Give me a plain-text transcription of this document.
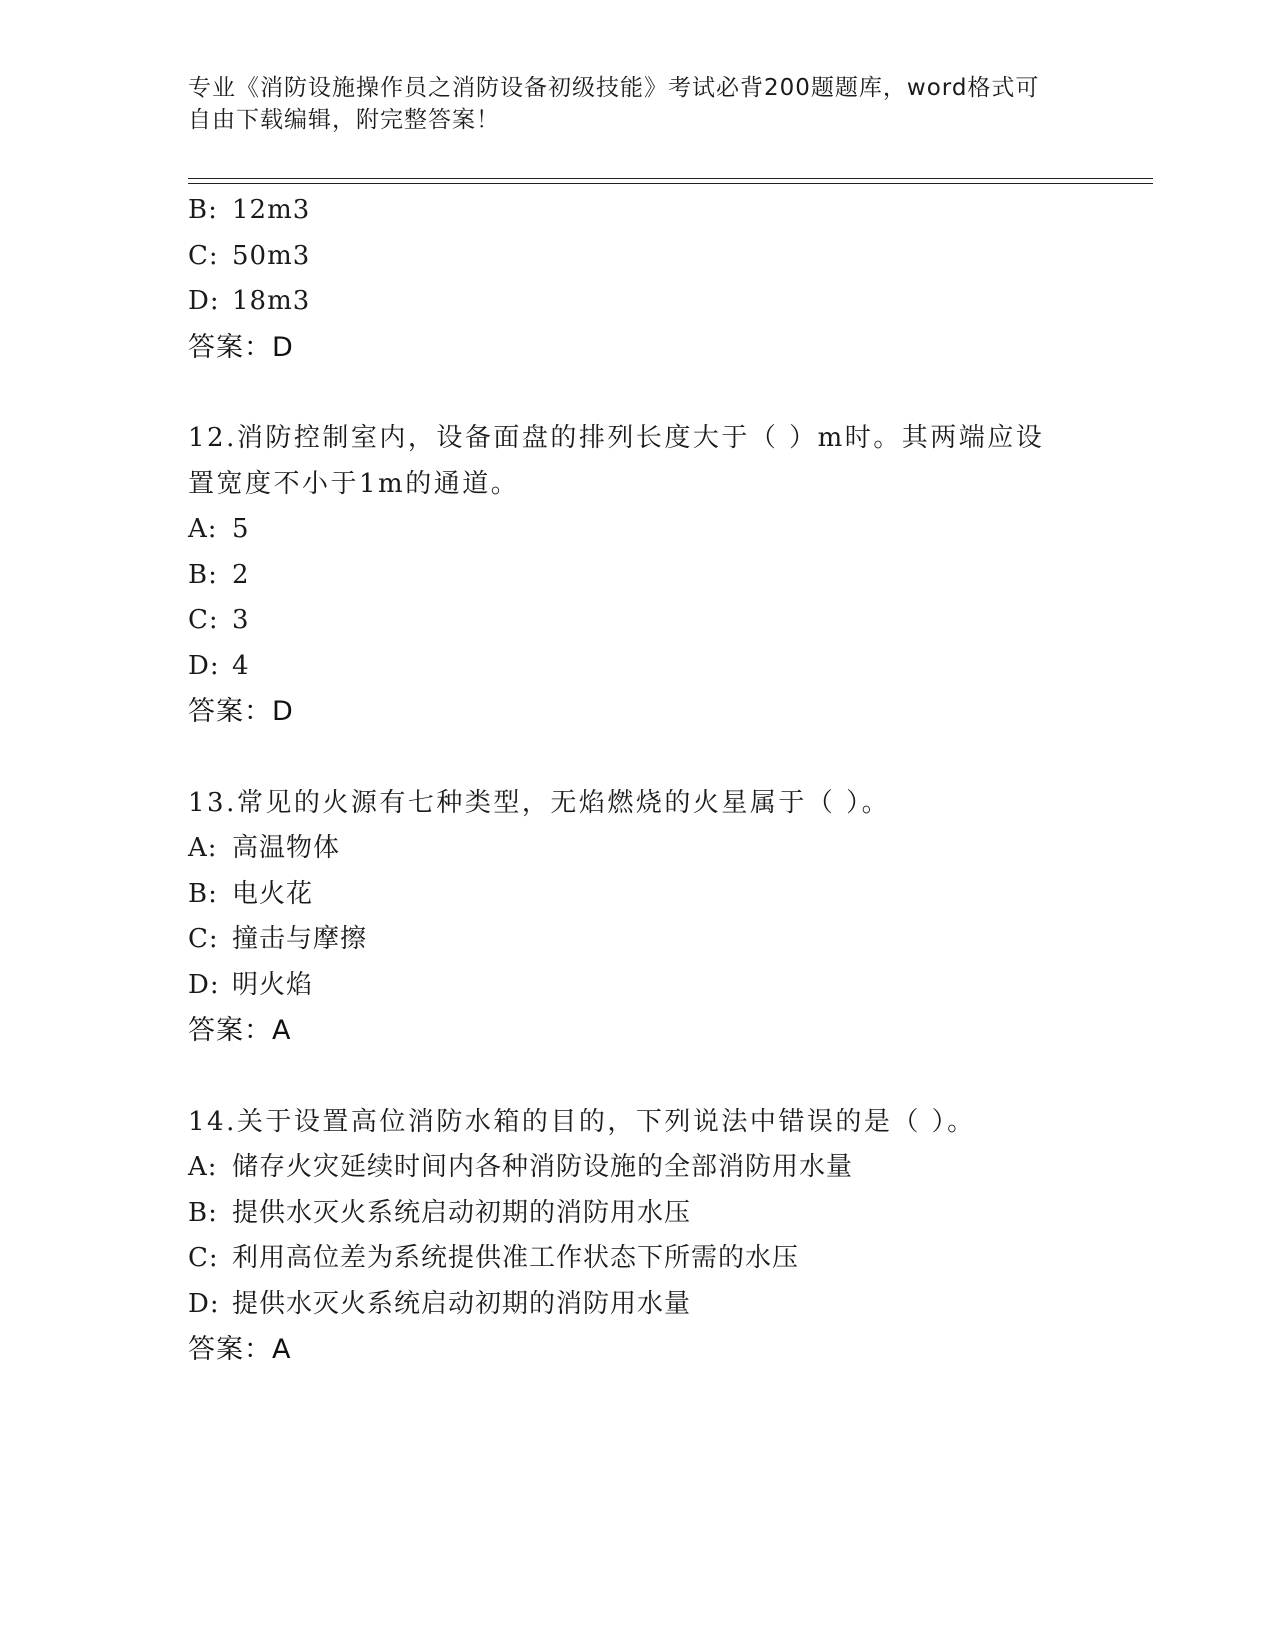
专业《消防设施操作员之消防设备初级技能》考试必背200题题库，word格式可
自由下载编辑，附完整答案！
B: 12m3
C: 50m3
D: 18m3
答案：D
12.消防控制室内，设备面盘的排列长度大于（ ）m时。其两端应设
置宽度不小于1m的通道。
A: 5
B: 2
C: 3
D: 4
答案：D
13.常见的火源有七种类型，无焰燃烧的火星属于（ ）。
A: 高温物体
B: 电火花
C: 撞击与摩擦
D: 明火焰
答案：A
14.关于设置高位消防水箱的目的，下列说法中错误的是（ ）。
A: 储存火灾延续时间内各种消防设施的全部消防用水量
B: 提供水灭火系统启动初期的消防用水压
C: 利用高位差为系统提供准工作状态下所需的水压
D: 提供水灭火系统启动初期的消防用水量
答案：A
